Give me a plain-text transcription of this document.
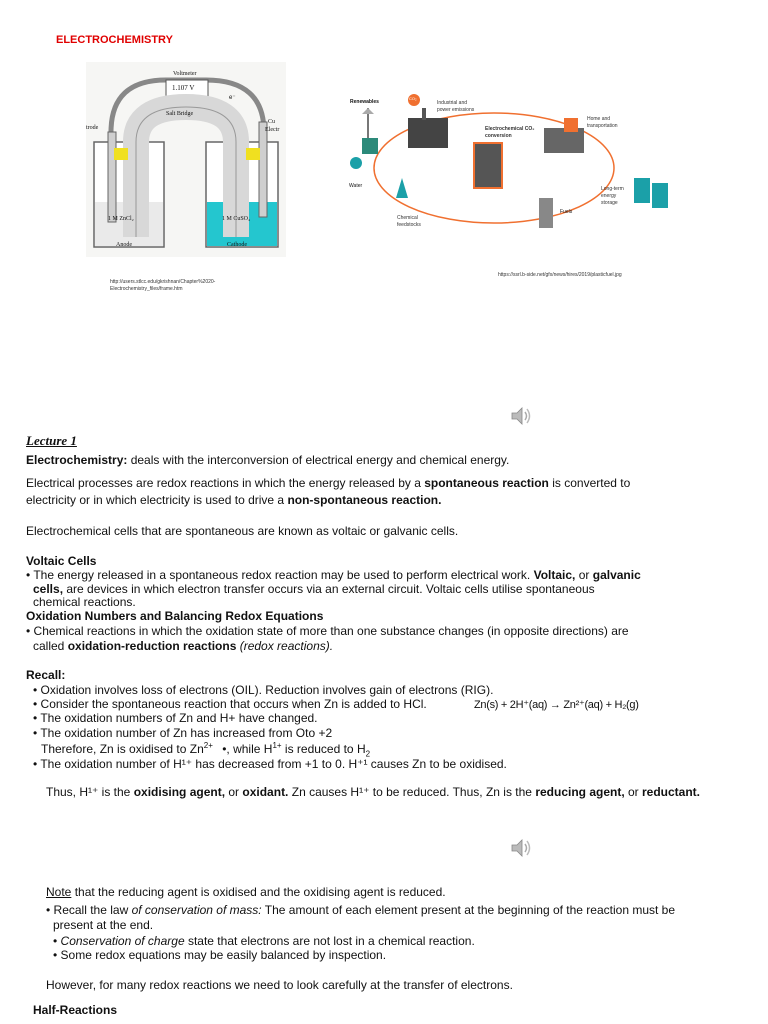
ELECTROCHEMISTRY
Voltmeter
1.107 V
e⁻
Salt Bridge
trode
Cu
Electr
1 M ZnCl₂	1 M CuSO₄
Anode	Cathode
http://users.stlcc.edu/gkrishnan/Chapter%2020-Electrochemistry_files/frame.htm
Renewables	Industrial and power emissions
Home and transportation
Electrochemical CO₂ conversion
Water	Long-term energy storage
Chemical feedstocks
Fuels
CO₂
https://ssrl.b-side.net/gfx/news/hires/2019/plasticfuel.jpg
Lecture 1
Electrochemistry: deals with the interconversion of electrical energy and chemical energy.
Electrical processes are redox reactions in which the energy released by a spontaneous reaction is converted to
electricity or in which electricity is used to drive a non-spontaneous reaction.
Electrochemical cells that are spontaneous are known as voltaic or galvanic cells.
Voltaic Cells
• The energy released in a spontaneous redox reaction may be used to perform electrical work. Voltaic, or galvanic
cells, are devices in which electron transfer occurs via an external circuit. Voltaic cells utilise spontaneous
chemical reactions.
Oxidation Numbers and Balancing Redox Equations
• Chemical reactions in which the oxidation state of more than one substance changes (in opposite directions) are
called oxidation-reduction reactions (redox reactions).
Recall:
• Oxidation involves loss of electrons (OIL). Reduction involves gain of electrons (RIG).
• Consider the spontaneous reaction that occurs when Zn is added to HCl.	Zn(s) + 2H⁺(aq) → Zn²⁺(aq) + H₂(g)
• The oxidation numbers of Zn and H+ have changed.
• The oxidation number of Zn has increased from Oto +2
Therefore, Zn is oxidised to $Zn^{2+}$ •, while $H^{1+}$ is reduced to $H_2$
• The oxidation number of H¹⁺ has decreased from +1 to 0. H⁺¹ causes Zn to be oxidised.
Thus, H¹⁺ is the oxidising agent, or oxidant. Zn causes H¹⁺ to be reduced. Thus, Zn is the reducing agent, or reductant.
Note that the reducing agent is oxidised and the oxidising agent is reduced.
• Recall the law of conservation of mass: The amount of each element present at the beginning of the reaction must be
present at the end.
• Conservation of charge state that electrons are not lost in a chemical reaction.
• Some redox equations may be easily balanced by inspection.
However, for many redox reactions we need to look carefully at the transfer of electrons.
Half-Reactions
